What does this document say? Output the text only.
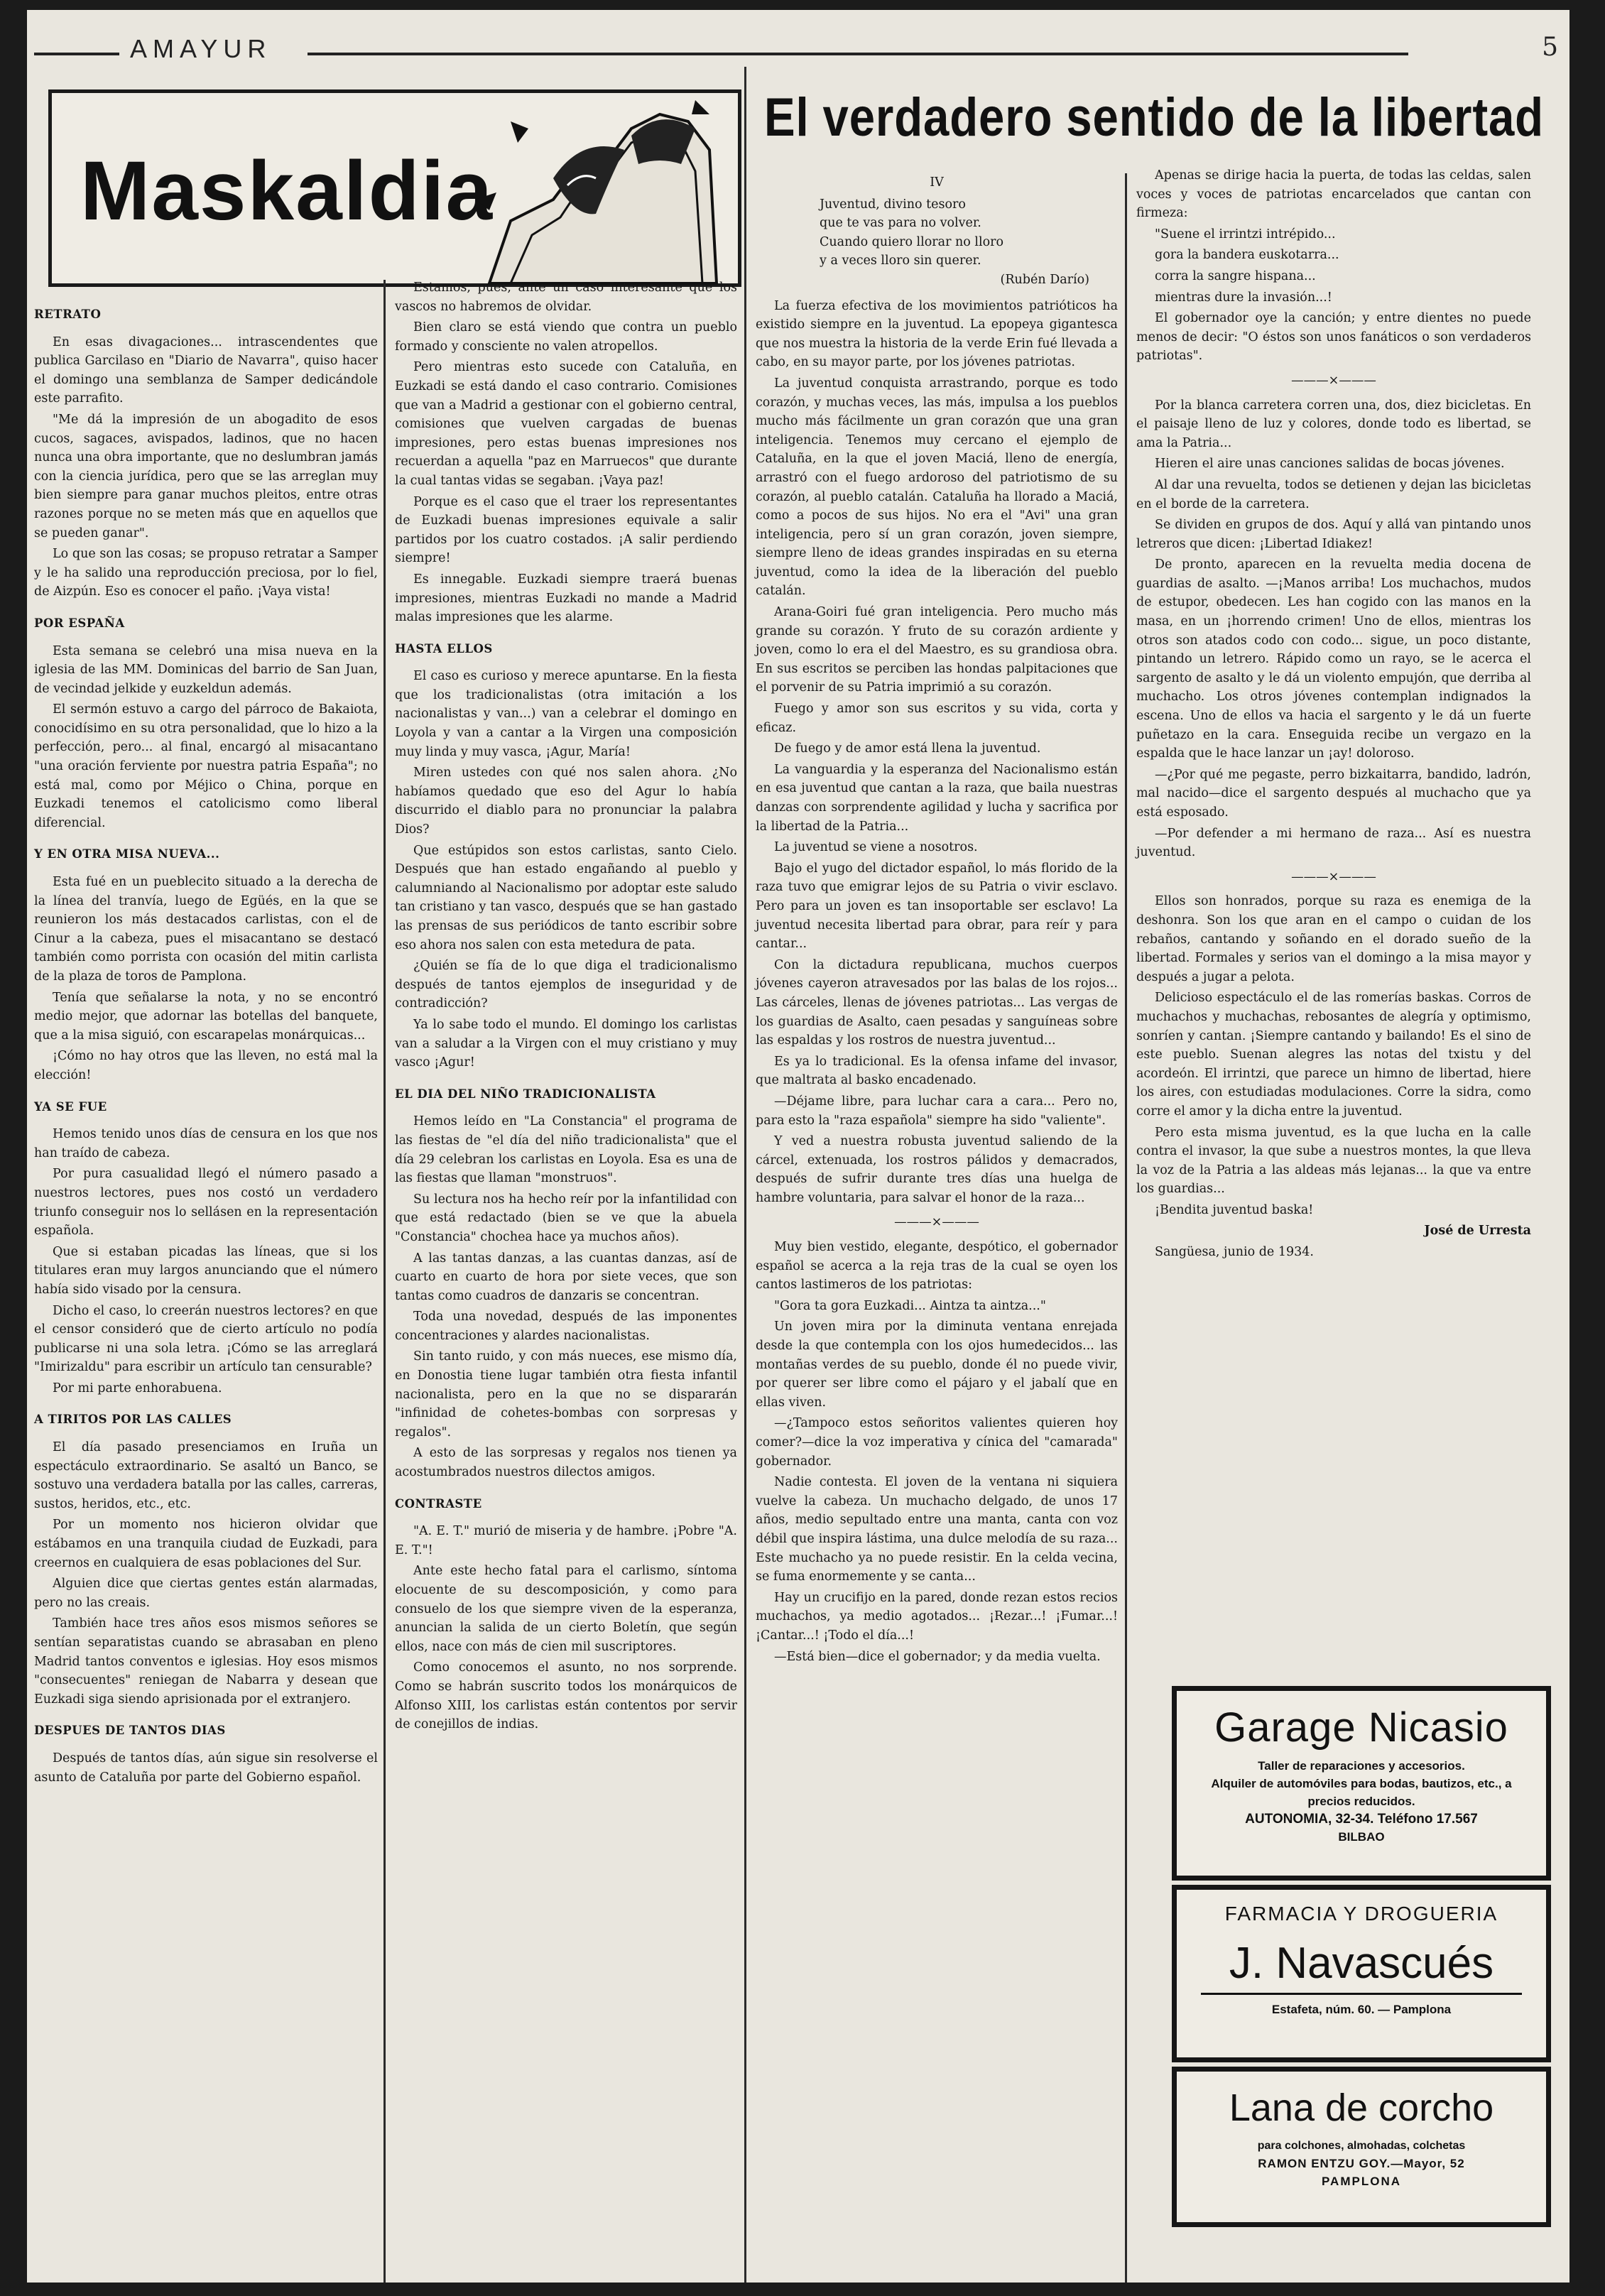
AMAYUR	5
Maskaldia
El verdadero sentido de la libertad

RETRATO

En esas divagaciones... intrascendentes que publica Garcilaso en "Diario de Navarra", quiso hacer el domingo una semblanza de Samper dedicándole este parrafito.

"Me dá la impresión de un abogadito de esos cucos, sagaces, avispados, ladinos, que no hacen nunca una obra importante, que no deslumbran jamás con la ciencia jurídica, pero que se las arreglan muy bien siempre para ganar muchos pleitos, entre otras razones porque no se meten más que en aquellos que se pueden ganar".

Lo que son las cosas; se propuso retratar a Samper y le ha salido una reproducción preciosa, por lo fiel, de Aizpún. Eso es conocer el paño. ¡Vaya vista!

POR ESPAÑA

Esta semana se celebró una misa nueva en la iglesia de las MM. Dominicas del barrio de San Juan, de vecindad jelkide y euzkeldun además.

El sermón estuvo a cargo del párroco de Bakaiota, conocidísimo en su otra personalidad, que lo hizo a la perfección, pero... al final, encargó al misacantano "una oración ferviente por nuestra patria España"; no está mal, como por Méjico o China, porque en Euzkadi tenemos el catolicismo como liberal diferencial.

Y EN OTRA MISA NUEVA...

Esta fué en un pueblecito situado a la derecha de la línea del tranvía, luego de Egüés, en la que se reunieron los más destacados carlistas, con el de Cinur a la cabeza, pues el misacantano se destacó también como porrista con ocasión del mitin carlista de la plaza de toros de Pamplona.

Tenía que señalarse la nota, y no se encontró medio mejor, que adornar las botellas del banquete, que a la misa siguió, con escarapelas monárquicas...

¡Cómo no hay otros que las lleven, no está mal la elección!

YA SE FUE

Hemos tenido unos días de censura en los que nos han traído de cabeza.

Por pura casualidad llegó el número pasado a nuestros lectores, pues nos costó un verdadero triunfo conseguir nos lo sellásen en la representación española.

Que si estaban picadas las líneas, que si los titulares eran muy largos anunciando que el número había sido visado por la censura.

Dicho el caso, lo creerán nuestros lectores? en que el censor consideró que de cierto artículo no podía publicarse ni una sola letra. ¡Cómo se las arreglará "Imirizaldu" para escribir un artículo tan censurable?

Por mi parte enhorabuena.

A TIRITOS POR LAS CALLES

El día pasado presenciamos en Iruña un espectáculo extraordinario. Se asaltó un Banco, se sostuvo una verdadera batalla por las calles, carreras, sustos, heridos, etc., etc.

Por un momento nos hicieron olvidar que estábamos en una tranquila ciudad de Euzkadi, para creernos en cualquiera de esas poblaciones del Sur.

Alguien dice que ciertas gentes están alarmadas, pero no las creais.

También hace tres años esos mismos señores se sentían separatistas cuando se abrasaban en pleno Madrid tantos conventos e iglesias. Hoy esos mismos "consecuentes" reniegan de Nabarra y desean que Euzkadi siga siendo aprisionada por el extranjero.

DESPUES DE TANTOS DIAS

Después de tantos días, aún sigue sin resolverse el asunto de Cataluña por parte del Gobierno español.

Estamos, pues, ante un caso interesante que los vascos no habremos de olvidar.

Bien claro se está viendo que contra un pueblo formado y consciente no valen atropellos.

Pero mientras esto sucede con Cataluña, en Euzkadi se está dando el caso contrario. Comisiones que van a Madrid a gestionar con el gobierno central, comisiones que vuelven cargadas de buenas impresiones, pero estas buenas impresiones nos recuerdan a aquella "paz en Marruecos" que durante la cual tantas vidas se segaban. ¡Vaya paz!

Porque es el caso que el traer los representantes de Euzkadi buenas impresiones equivale a salir partidos por los cuatro costados. ¡A salir perdiendo siempre!

Es innegable. Euzkadi siempre traerá buenas impresiones, mientras Euzkadi no mande a Madrid malas impresiones que les alarme.

HASTA ELLOS

El caso es curioso y merece apuntarse. En la fiesta que los tradicionalistas (otra imitación a los nacionalistas y van...) van a celebrar el domingo en Loyola y van a cantar a la Virgen una composición muy linda y muy vasca, ¡Agur, María!

Miren ustedes con qué nos salen ahora. ¿No habíamos quedado que eso del Agur lo había discurrido el diablo para no pronunciar la palabra Dios?

Que estúpidos son estos carlistas, santo Cielo. Después que han estado engañando al pueblo y calumniando al Nacionalismo por adoptar este saludo tan cristiano y tan vasco, después que se han gastado las prensas de sus periódicos de tanto escribir sobre eso ahora nos salen con esta metedura de pata.

¿Quién se fía de lo que diga el tradicionalismo después de tantos ejemplos de inseguridad y de contradicción?

Ya lo sabe todo el mundo. El domingo los carlistas van a saludar a la Virgen con el muy cristiano y muy vasco ¡Agur!

EL DIA DEL NIÑO TRADICIONALISTA

Hemos leído en "La Constancia" el programa de las fiestas de "el día del niño tradicionalista" que el día 29 celebran los carlistas en Loyola. Esa es una de las fiestas que llaman "monstruos".

Su lectura nos ha hecho reír por la infantilidad con que está redactado (bien se ve que la abuela "Constancia" chochea hace ya muchos años).

A las tantas danzas, a las cuantas danzas, así de cuarto en cuarto de hora por siete veces, que son tantas como cuadros de danzaris se concentran.

Toda una novedad, después de las imponentes concentraciones y alardes nacionalistas.

Sin tanto ruido, y con más nueces, ese mismo día, en Donostia tiene lugar también otra fiesta infantil nacionalista, pero en la que no se dispararán "infinidad de cohetes-bombas con sorpresas y regalos".

A esto de las sorpresas y regalos nos tienen ya acostumbrados nuestros dilectos amigos.

CONTRASTE

"A. E. T." murió de miseria y de hambre. ¡Pobre "A. E. T."!

Ante este hecho fatal para el carlismo, síntoma elocuente de su descomposición, y como para consuelo de los que siempre viven de la esperanza, anuncian la salida de un cierto Boletín, que según ellos, nace con más de cien mil suscriptores.

Como conocemos el asunto, no nos sorprende. Como se habrán suscrito todos los monárquicos de Alfonso XIII, los carlistas están contentos por servir de conejillos de indias.

IV

Juventud, divino tesoro

que te vas para no volver.

Cuando quiero llorar no lloro

y a veces lloro sin querer.

(Rubén Darío)

La fuerza efectiva de los movimientos patrióticos ha existido siempre en la juventud. La epopeya gigantesca que nos muestra la historia de la verde Erin fué llevada a cabo, en su mayor parte, por los jóvenes patriotas.

La juventud conquista arrastrando, porque es todo corazón, y muchas veces, las más, impulsa a los pueblos mucho más fácilmente un gran corazón que una gran inteligencia. Tenemos muy cercano el ejemplo de Cataluña, en la que el joven Maciá, lleno de energía, arrastró con el fuego ardoroso del patriotismo de su corazón, al pueblo catalán. Cataluña ha llorado a Maciá, como a pocos de sus hijos. No era el "Avi" una gran inteligencia, pero sí un gran corazón, joven siempre, siempre lleno de ideas grandes inspiradas en su eterna juventud, como la idea de la liberación del pueblo catalán.

Arana-Goiri fué gran inteligencia. Pero mucho más grande su corazón. Y fruto de su corazón ardiente y joven, como lo era el del Maestro, es su grandiosa obra. En sus escritos se perciben las hondas palpitaciones que el porvenir de su Patria imprimió a su corazón.

Fuego y amor son sus escritos y su vida, corta y eficaz.

De fuego y de amor está llena la juventud.

La vanguardia y la esperanza del Nacionalismo están en esa juventud que cantan a la raza, que baila nuestras danzas con sorprendente agilidad y lucha y sacrifica por la libertad de la Patria...

La juventud se viene a nosotros.

Bajo el yugo del dictador español, lo más florido de la raza tuvo que emigrar lejos de su Patria o vivir esclavo. Pero para un joven es tan insoportable ser esclavo! La juventud necesita libertad para obrar, para reír y para cantar...

Con la dictadura republicana, muchos cuerpos jóvenes cayeron atravesados por las balas de los rojos... Las cárceles, llenas de jóvenes patriotas... Las vergas de los guardias de Asalto, caen pesadas y sanguíneas sobre las espaldas y los rostros de nuestra juventud...

Es ya lo tradicional. Es la ofensa infame del invasor, que maltrata al basko encadenado.

—Déjame libre, para luchar cara a cara... Pero no, para esto la "raza española" siempre ha sido "valiente".

Y ved a nuestra robusta juventud saliendo de la cárcel, extenuada, los rostros pálidos y demacrados, después de sufrir durante tres días una huelga de hambre voluntaria, para salvar el honor de la raza...

———×———

Muy bien vestido, elegante, despótico, el gobernador español se acerca a la reja tras de la cual se oyen los cantos lastimeros de los patriotas:

"Gora ta gora Euzkadi... Aintza ta aintza..."

Un joven mira por la diminuta ventana enrejada desde la que contempla con los ojos humedecidos... las montañas verdes de su pueblo, donde él no puede vivir, por querer ser libre como el pájaro y el jabalí que en ellas viven.

—¿Tampoco estos señoritos valientes quieren hoy comer?—dice la voz imperativa y cínica del "camarada" gobernador.

Nadie contesta. El joven de la ventana ni siquiera vuelve la cabeza. Un muchacho delgado, de unos 17 años, medio sepultado entre una manta, canta con voz débil que inspira lástima, una dulce melodía de su raza... Este muchacho ya no puede resistir. En la celda vecina, se fuma enormemente y se canta...

Hay un crucifijo en la pared, donde rezan estos recios muchachos, ya medio agotados... ¡Rezar...! ¡Fumar...! ¡Cantar...! ¡Todo el día...!

—Está bien—dice el gobernador; y da media vuelta.

Apenas se dirige hacia la puerta, de todas las celdas, salen voces y voces de patriotas encarcelados que cantan con firmeza:

"Suene el irrintzi intrépido...

gora la bandera euskotarra...

corra la sangre hispana...

mientras dure la invasión...!

El gobernador oye la canción; y entre dientes no puede menos de decir: "O éstos son unos fanáticos o son verdaderos patriotas".

———×———

Por la blanca carretera corren una, dos, diez bicicletas. En el paisaje lleno de luz y colores, donde todo es libertad, se ama la Patria...

Hieren el aire unas canciones salidas de bocas jóvenes.

Al dar una revuelta, todos se detienen y dejan las bicicletas en el borde de la carretera.

Se dividen en grupos de dos. Aquí y allá van pintando unos letreros que dicen: ¡Libertad Idiakez!

De pronto, aparecen en la revuelta media docena de guardias de asalto. —¡Manos arriba! Los muchachos, mudos de estupor, obedecen. Les han cogido con las manos en la masa, en un ¡horrendo crimen! Uno de ellos, mientras los otros son atados codo con codo... sigue, un poco distante, pintando un letrero. Rápido como un rayo, se le acerca el sargento de asalto y le dá un violento empujón, que derriba al muchacho. Los otros jóvenes contemplan indignados la escena. Uno de ellos va hacia el sargento y le dá un fuerte puñetazo en la cara. Enseguida recibe un vergazo en la espalda que le hace lanzar un ¡ay! doloroso.

—¿Por qué me pegaste, perro bizkaitarra, bandido, ladrón, mal nacido—dice el sargento después al muchacho que ya está esposado.

—Por defender a mi hermano de raza... Así es nuestra juventud.

———×———

Ellos son honrados, porque su raza es enemiga de la deshonra. Son los que aran en el campo o cuidan de los rebaños, cantando y soñando en el dorado sueño de la libertad. Formales y serios van el domingo a la misa mayor y después a jugar a pelota.

Delicioso espectáculo el de las romerías baskas. Corros de muchachos y muchachas, rebosantes de alegría y optimismo, sonríen y cantan. ¡Siempre cantando y bailando! Es el sino de este pueblo. Suenan alegres las notas del txistu y del acordeón. El irrintzi, que parece un himno de libertad, hiere los aires, con estudiadas modulaciones. Corre la sidra, como corre el amor y la dicha entre la juventud.

Pero esta misma juventud, es la que lucha en la calle contra el invasor, la que sube a nuestros montes, la que lleva la voz de la Patria a las aldeas más lejanas... la que va entre los guardias...

¡Bendita juventud baska!

José de Urresta

Sangüesa, junio de 1934.

Garage Nicasio
Taller de reparaciones y accesorios.
Alquiler de automóviles para bodas, bautizos, etc., a precios reducidos.
AUTONOMIA, 32-34. Teléfono 17.567
BILBAO
FARMACIA Y DROGUERIA
J. Navascués
Estafeta, núm. 60. — Pamplona
Lana de corcho
para colchones, almohadas, colchetas
RAMON ENTZU GOY.—Mayor, 52
PAMPLONA
